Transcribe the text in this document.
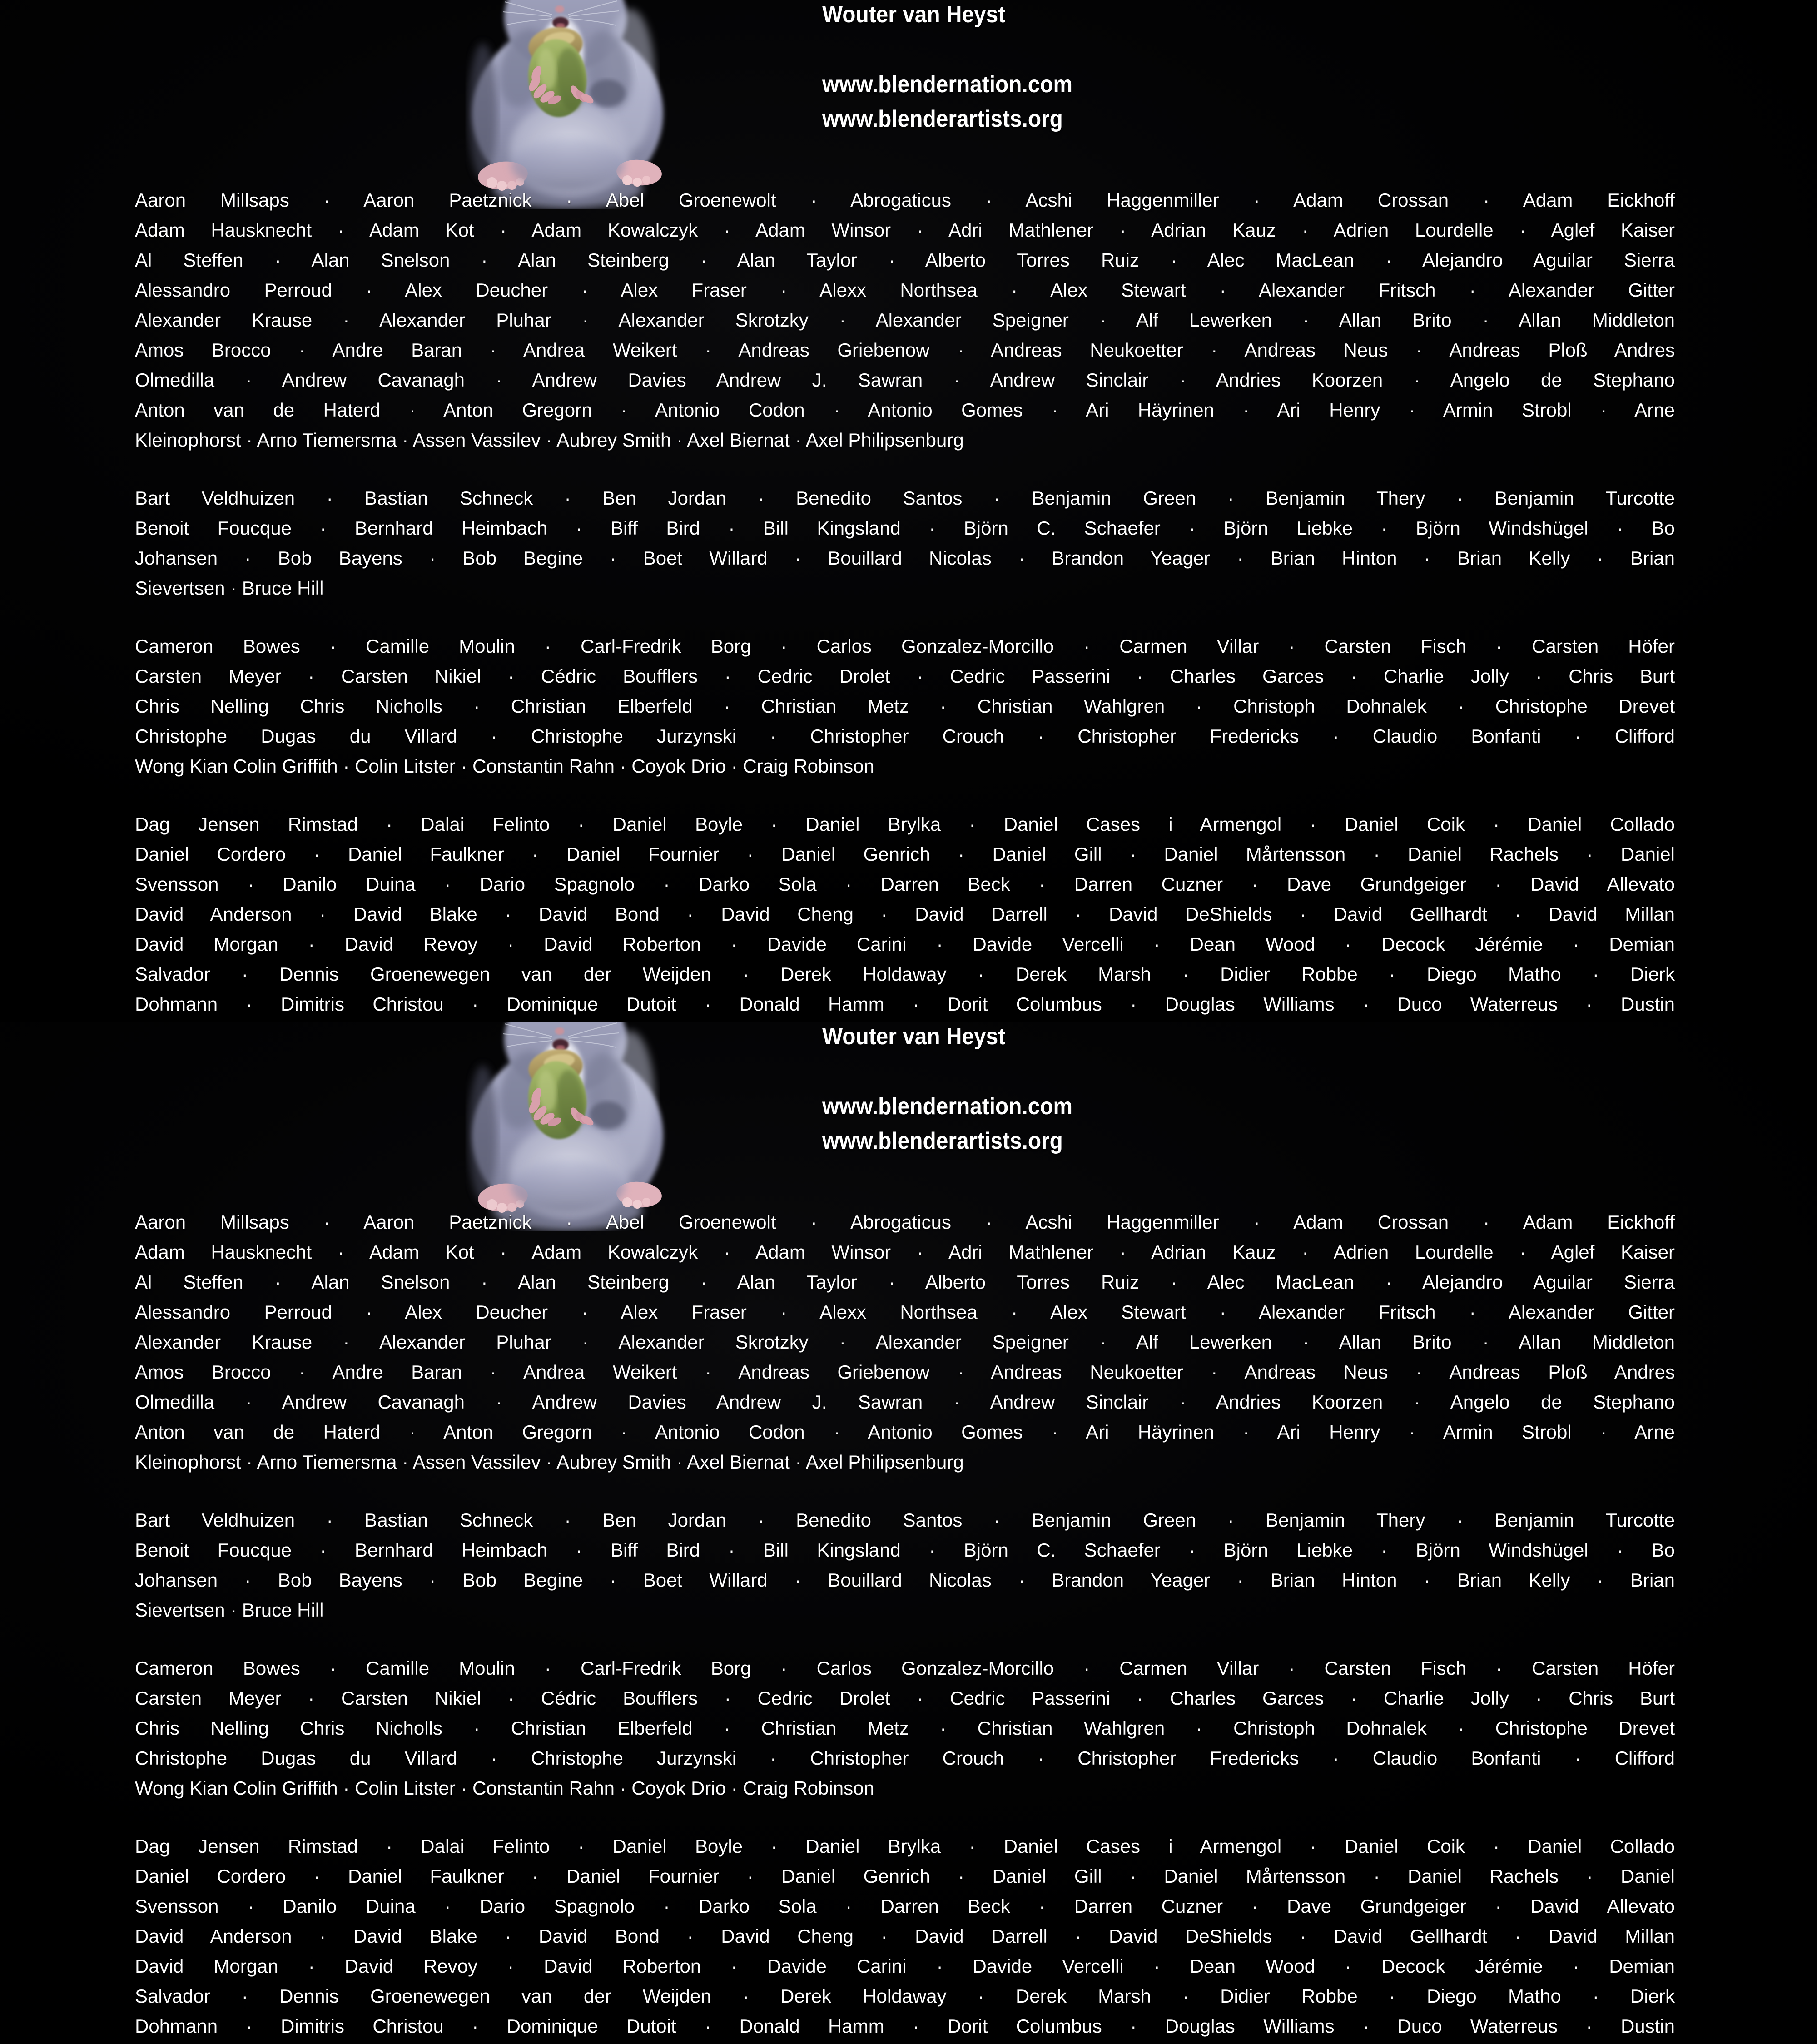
Wouter van Heyst
www.blendernation.com
www.blenderartists.org
Aaron Millsaps · Aaron Paetznick · Abel Groenewolt · Abrogaticus · Acshi Haggenmiller · Adam Crossan · Adam Eickhoff
Adam Hausknecht · Adam Kot · Adam Kowalczyk · Adam Winsor · Adri Mathlener · Adrian Kauz · Adrien Lourdelle · Aglef Kaiser
Al Steffen · Alan Snelson · Alan Steinberg · Alan Taylor · Alberto Torres Ruiz · Alec MacLean · Alejandro Aguilar Sierra
Alessandro Perroud · Alex Deucher · Alex Fraser · Alexx Northsea · Alex Stewart · Alexander Fritsch · Alexander Gitter
Alexander Krause · Alexander Pluhar · Alexander Skrotzky · Alexander Speigner · Alf Lewerken · Allan Brito · Allan Middleton
Amos Brocco · Andre Baran · Andrea Weikert · Andreas Griebenow · Andreas Neukoetter · Andreas Neus · Andreas Ploß Andres
Olmedilla · Andrew Cavanagh · Andrew Davies Andrew J. Sawran · Andrew Sinclair · Andries Koorzen · Angelo de Stephano
Anton van de Haterd · Anton Gregorn · Antonio Codon · Antonio Gomes · Ari Häyrinen · Ari Henry · Armin Strobl · Arne
Kleinophorst · Arno Tiemersma · Assen Vassilev · Aubrey Smith · Axel Biernat · Axel Philipsenburg
Bart Veldhuizen · Bastian Schneck · Ben Jordan · Benedito Santos · Benjamin Green · Benjamin Thery · Benjamin Turcotte
Benoit Foucque · Bernhard Heimbach · Biff Bird · Bill Kingsland · Björn C. Schaefer · Björn Liebke · Björn Windshügel · Bo
Johansen · Bob Bayens · Bob Begine · Boet Willard · Bouillard Nicolas · Brandon Yeager · Brian Hinton · Brian Kelly · Brian
Sievertsen · Bruce Hill
Cameron Bowes · Camille Moulin · Carl-Fredrik Borg · Carlos Gonzalez-Morcillo · Carmen Villar · Carsten Fisch · Carsten Höfer
Carsten Meyer · Carsten Nikiel · Cédric Boufflers · Cedric Drolet · Cedric Passerini · Charles Garces · Charlie Jolly · Chris Burt
Chris Nelling Chris Nicholls · Christian Elberfeld · Christian Metz · Christian Wahlgren · Christoph Dohnalek · Christophe Drevet
Christophe Dugas du Villard · Christophe Jurzynski · Christopher Crouch · Christopher Fredericks · Claudio Bonfanti · Clifford
Wong Kian Colin Griffith · Colin Litster · Constantin Rahn · Coyok Drio · Craig Robinson
Dag Jensen Rimstad · Dalai Felinto · Daniel Boyle · Daniel Brylka · Daniel Cases i Armengol · Daniel Coik · Daniel Collado
Daniel Cordero · Daniel Faulkner · Daniel Fournier · Daniel Genrich · Daniel Gill · Daniel Mårtensson · Daniel Rachels · Daniel
Svensson · Danilo Duina · Dario Spagnolo · Darko Sola · Darren Beck · Darren Cuzner · Dave Grundgeiger · David Allevato
David Anderson · David Blake · David Bond · David Cheng · David Darrell · David DeShields · David Gellhardt · David Millan
David Morgan · David Revoy · David Roberton · Davide Carini · Davide Vercelli · Dean Wood · Decock Jérémie · Demian
Salvador · Dennis Groenewegen van der Weijden · Derek Holdaway · Derek Marsh · Didier Robbe · Diego Matho · Dierk
Dohmann · Dimitris Christou · Dominique Dutoit · Donald Hamm · Dorit Columbus · Douglas Williams · Duco Waterreus · Dustin
Wouter van Heyst
www.blendernation.com
www.blenderartists.org
Aaron Millsaps · Aaron Paetznick · Abel Groenewolt · Abrogaticus · Acshi Haggenmiller · Adam Crossan · Adam Eickhoff
Adam Hausknecht · Adam Kot · Adam Kowalczyk · Adam Winsor · Adri Mathlener · Adrian Kauz · Adrien Lourdelle · Aglef Kaiser
Al Steffen · Alan Snelson · Alan Steinberg · Alan Taylor · Alberto Torres Ruiz · Alec MacLean · Alejandro Aguilar Sierra
Alessandro Perroud · Alex Deucher · Alex Fraser · Alexx Northsea · Alex Stewart · Alexander Fritsch · Alexander Gitter
Alexander Krause · Alexander Pluhar · Alexander Skrotzky · Alexander Speigner · Alf Lewerken · Allan Brito · Allan Middleton
Amos Brocco · Andre Baran · Andrea Weikert · Andreas Griebenow · Andreas Neukoetter · Andreas Neus · Andreas Ploß Andres
Olmedilla · Andrew Cavanagh · Andrew Davies Andrew J. Sawran · Andrew Sinclair · Andries Koorzen · Angelo de Stephano
Anton van de Haterd · Anton Gregorn · Antonio Codon · Antonio Gomes · Ari Häyrinen · Ari Henry · Armin Strobl · Arne
Kleinophorst · Arno Tiemersma · Assen Vassilev · Aubrey Smith · Axel Biernat · Axel Philipsenburg
Bart Veldhuizen · Bastian Schneck · Ben Jordan · Benedito Santos · Benjamin Green · Benjamin Thery · Benjamin Turcotte
Benoit Foucque · Bernhard Heimbach · Biff Bird · Bill Kingsland · Björn C. Schaefer · Björn Liebke · Björn Windshügel · Bo
Johansen · Bob Bayens · Bob Begine · Boet Willard · Bouillard Nicolas · Brandon Yeager · Brian Hinton · Brian Kelly · Brian
Sievertsen · Bruce Hill
Cameron Bowes · Camille Moulin · Carl-Fredrik Borg · Carlos Gonzalez-Morcillo · Carmen Villar · Carsten Fisch · Carsten Höfer
Carsten Meyer · Carsten Nikiel · Cédric Boufflers · Cedric Drolet · Cedric Passerini · Charles Garces · Charlie Jolly · Chris Burt
Chris Nelling Chris Nicholls · Christian Elberfeld · Christian Metz · Christian Wahlgren · Christoph Dohnalek · Christophe Drevet
Christophe Dugas du Villard · Christophe Jurzynski · Christopher Crouch · Christopher Fredericks · Claudio Bonfanti · Clifford
Wong Kian Colin Griffith · Colin Litster · Constantin Rahn · Coyok Drio · Craig Robinson
Dag Jensen Rimstad · Dalai Felinto · Daniel Boyle · Daniel Brylka · Daniel Cases i Armengol · Daniel Coik · Daniel Collado
Daniel Cordero · Daniel Faulkner · Daniel Fournier · Daniel Genrich · Daniel Gill · Daniel Mårtensson · Daniel Rachels · Daniel
Svensson · Danilo Duina · Dario Spagnolo · Darko Sola · Darren Beck · Darren Cuzner · Dave Grundgeiger · David Allevato
David Anderson · David Blake · David Bond · David Cheng · David Darrell · David DeShields · David Gellhardt · David Millan
David Morgan · David Revoy · David Roberton · Davide Carini · Davide Vercelli · Dean Wood · Decock Jérémie · Demian
Salvador · Dennis Groenewegen van der Weijden · Derek Holdaway · Derek Marsh · Didier Robbe · Diego Matho · Dierk
Dohmann · Dimitris Christou · Dominique Dutoit · Donald Hamm · Dorit Columbus · Douglas Williams · Duco Waterreus · Dustin
